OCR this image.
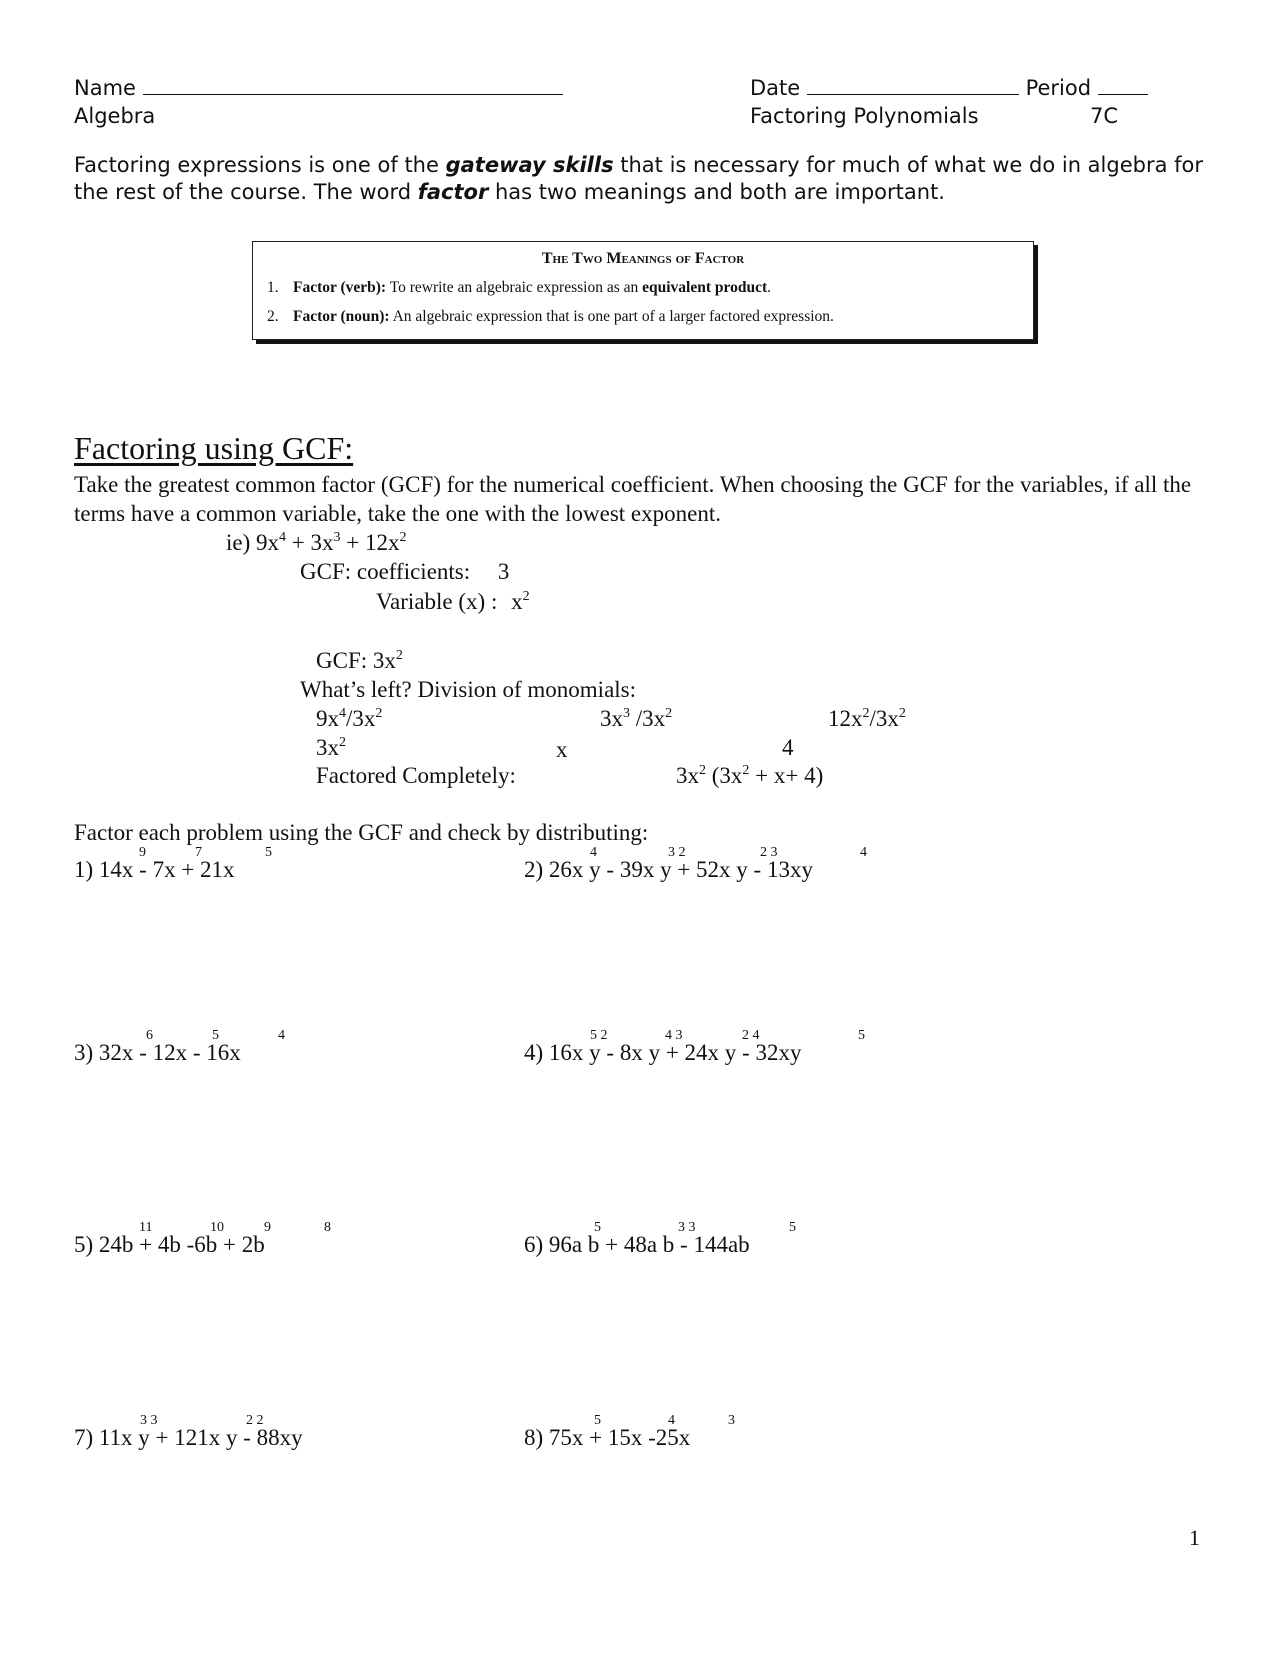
Name
Algebra
Date	Period
Factoring Polynomials	7C
Factoring expressions is one of the gateway skills that is necessary for much of what we do in algebra for the rest of the course. The word factor has two meanings and both are important.
The Two Meanings of Factor
1. Factor (verb): To rewrite an algebraic expression as an equivalent product.
2. Factor (noun): An algebraic expression that is one part of a larger factored expression.
Factoring using GCF:
Take the greatest common factor (GCF) for the numerical coefficient. When choosing the GCF for the variables, if all the terms have a common variable, take the one with the lowest exponent.
ie) $9x^4 + 3x^3 + 12x^2$
GCF: coefficients: 3
Variable (x) : $x^2$
GCF: $3x^2$
What’s left? Division of monomials:
$9x^4/3x^2$	$3x^3$ $/3x^2$	$12x^2/3x^2$
$3x^2$	x	4
Factored Completely:	$3x^2$ $(3x^2 + x+ 4)$
Factor each problem using the GCF and check by distributing:
1) 14x - 7x + 21x
9	7	5
2) 26x y - 39x y + 52x y - 13xy
4	3 2	2 3	4
3) 32x - 12x - 16x
6	5	4
4) 16x y - 8x y + 24x y - 32xy
5 2	4 3	2 4	5
5) 24b + 4b -6b + 2b
11	10	9	8
6) 96a b + 48a b - 144ab
5	3 3	5
7) 11x y + 121x y - 88xy
3 3	2 2
8) 75x + 15x -25x
5	4	3
1
